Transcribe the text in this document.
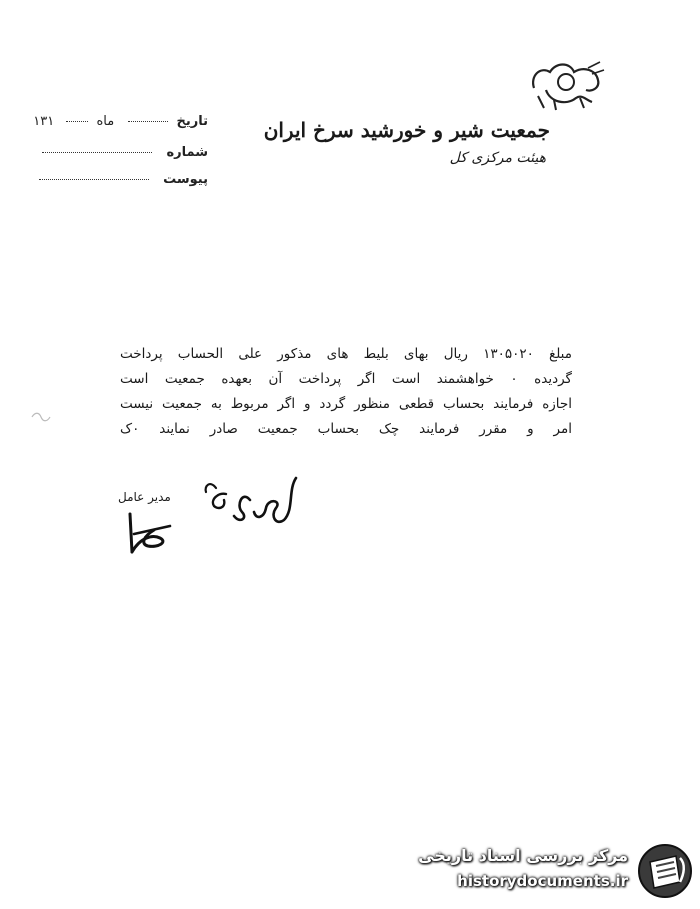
جمعیت شیر و خورشید سرخ ایران
هیئت مرکزی کل
تاریخ  ماه  ۱۳۱
شماره
پیوست
مبلغ ۱۳۰۵۰۲۰ ریال بهای بلیط های مذکور علی الحساب پرداخت
گردیده ۰ خواهشمند است اگر پرداخت آن بعهده جمعیت است
اجازه فرمایند بحساب قطعی منظور گردد و اگر مربوط به جمعیت نیست
امر و مقرر فرمایند چک بحساب جمعیت صادر نمایند ۰ک
مدیر عامل
مرکز بررسی اسناد تاریخی
historydocuments.ir
